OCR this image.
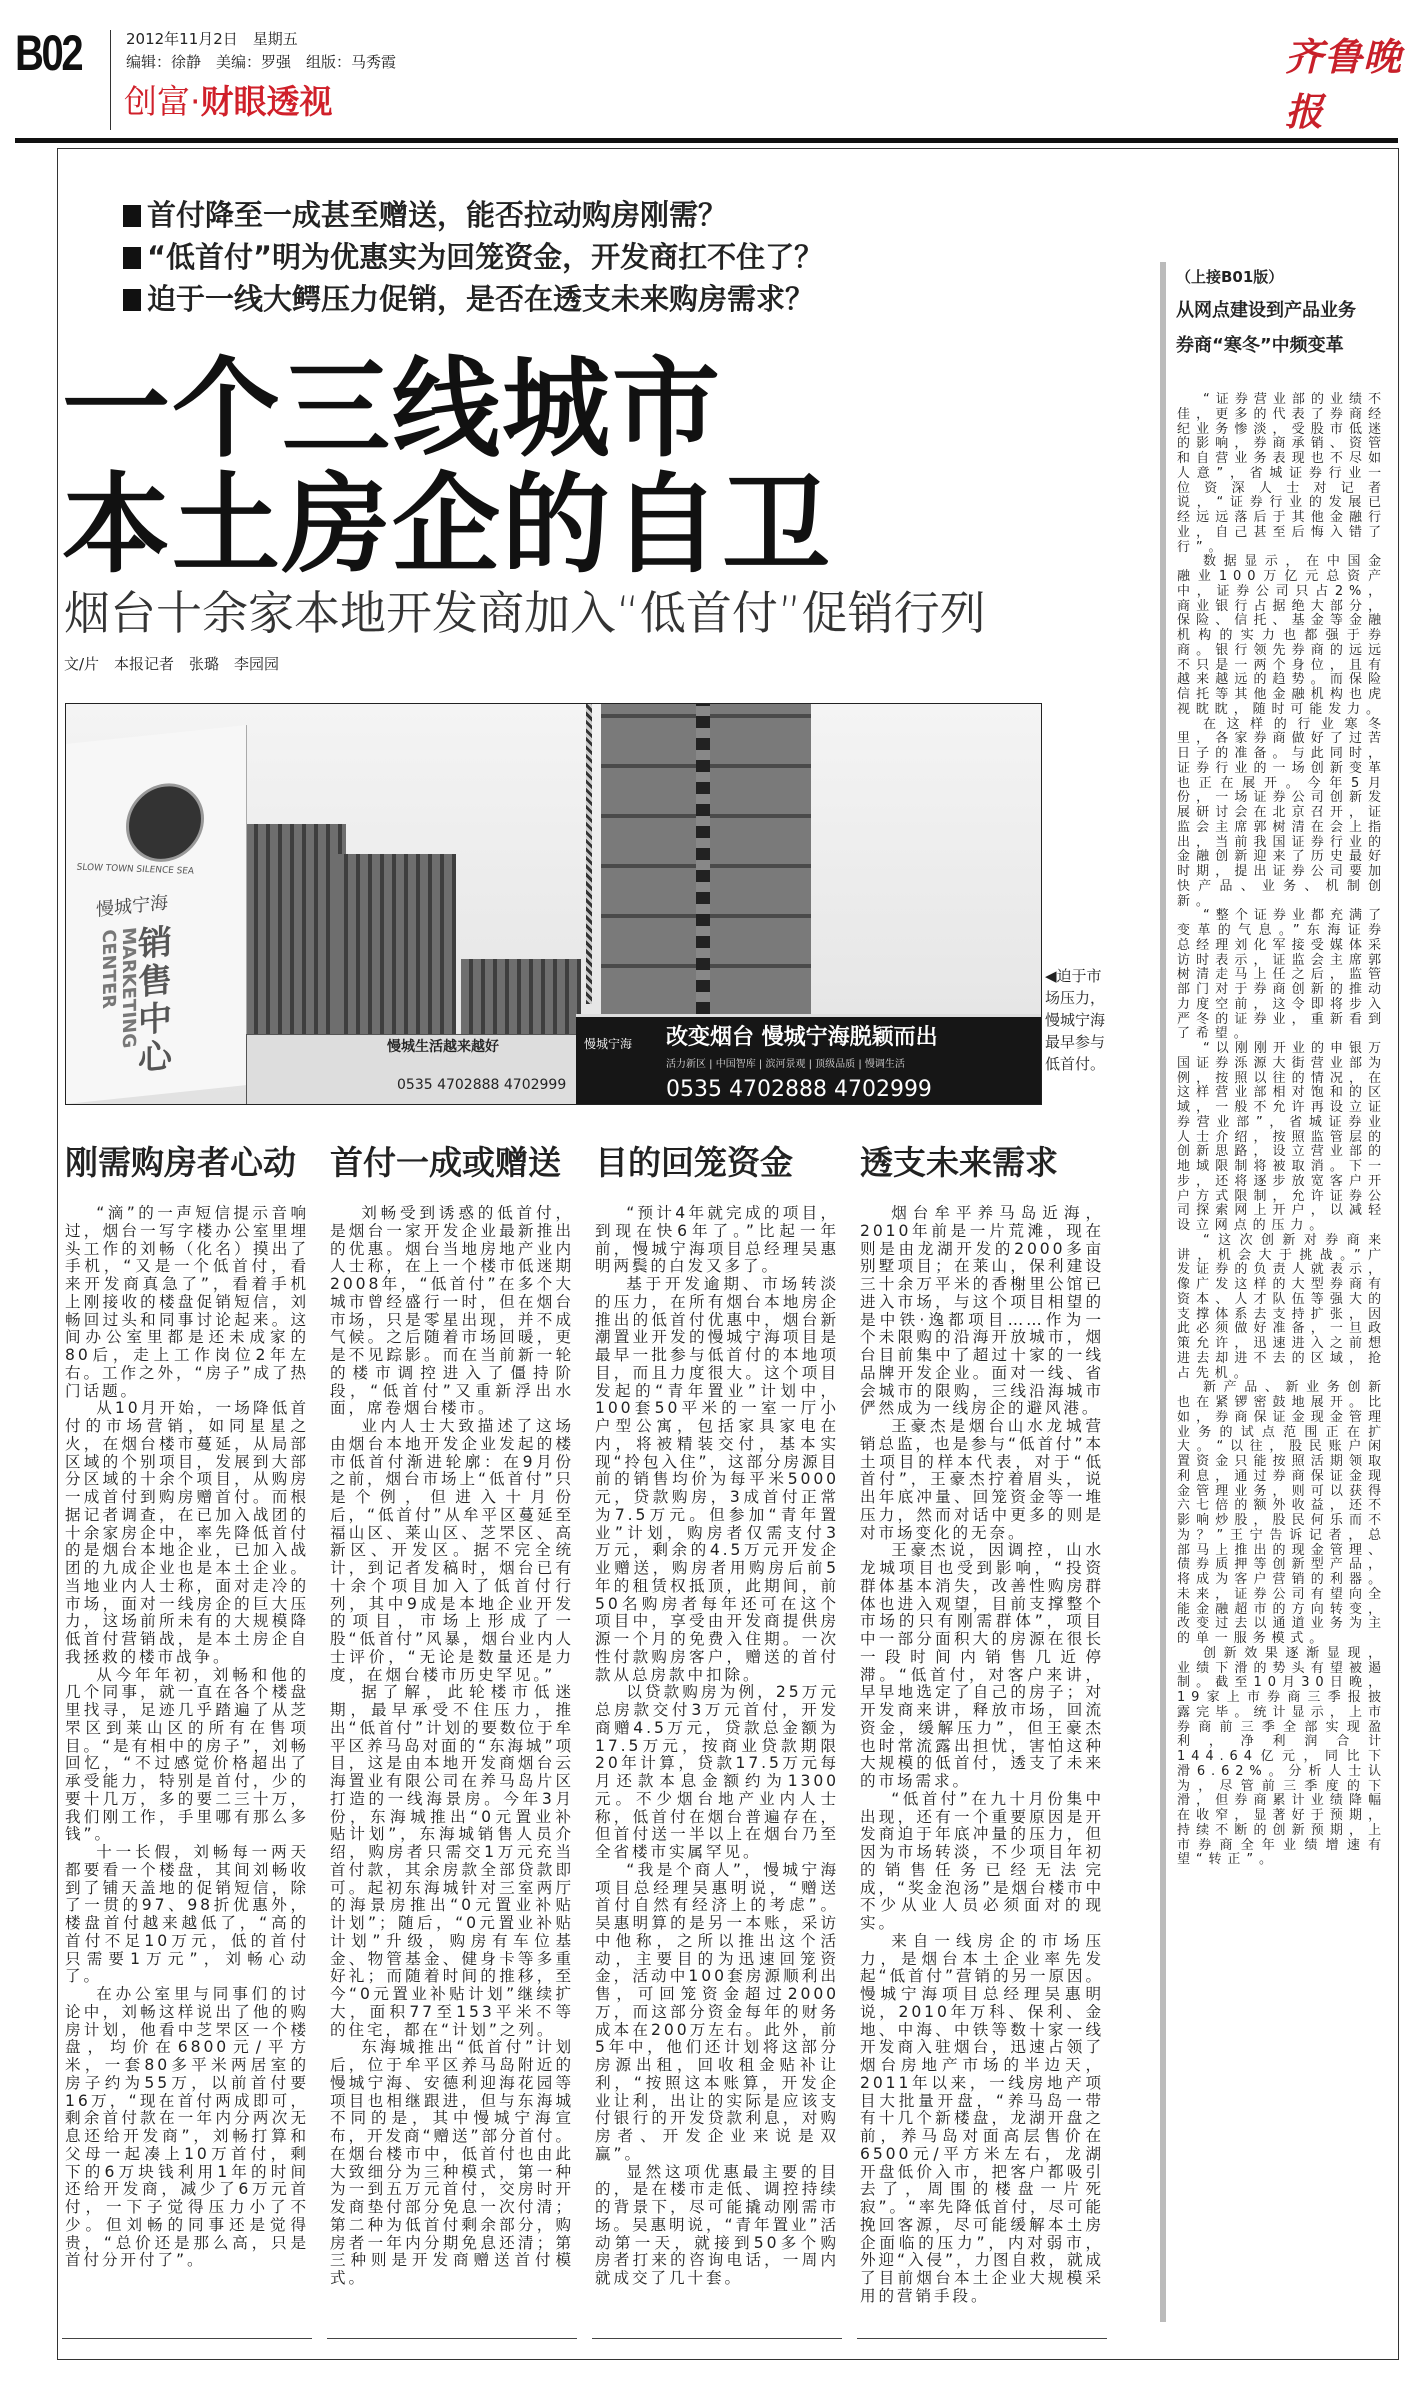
B02	2012年11月2日　星期五
编辑：徐静　美编：罗强　组版：马秀霞
创富·财眼透视
齐鲁晚报
首付降至一成甚至赠送，能否拉动购房刚需？
“低首付”明为优惠实为回笼资金，开发商扛不住了？
迫于一线大鳄压力促销，是否在透支未来购房需求？
一个三线城市
本土房企的自卫
烟台十余家本地开发商加入“低首付”促销行列
文/片　本报记者　张璐　李园园
SLOW TOWN SILENCE SEA
慢城宁海
MARKETING CENTER 销售中心	慢城生活越来越好
0535 4702888 4702999
慢城宁海	改变烟台 慢城宁海脱颖而出
活力新区 | 中国智库 | 滨河景观 | 顶级品质 | 慢调生活
0535 4702888 4702999
◀迫于市场压力，慢城宁海最早参与低首付。
刚需购房者心动 首付一成或赠送 目的回笼资金 透支未来需求

“滴”的一声短信提示音响过，烟台一写字楼办公室里埋头工作的刘畅（化名）摸出了手机，“又是一个低首付，看来开发商真急了”，看着手机上刚接收的楼盘促销短信，刘畅回过头和同事讨论起来。这间办公室里都是还未成家的80后，走上工作岗位2年左右。工作之外，“房子”成了热门话题。

从10月开始，一场降低首付的市场营销，如同星星之火，在烟台楼市蔓延，从局部区域的个别项目，发展到大部分区域的十余个项目，从购房一成首付到购房赠首付。而根据记者调查，在已加入战团的十余家房企中，率先降低首付的是烟台本地企业，已加入战团的九成企业也是本土企业。当地业内人士称，面对走冷的市场，面对一线房企的巨大压力，这场前所未有的大规模降低首付营销战，是本土房企自我拯救的楼市战争。

从今年年初，刘畅和他的几个同事，就一直在各个楼盘里找寻，足迹几乎踏遍了从芝罘区到莱山区的所有在售项目。“是有相中的房子”，刘畅回忆，“不过感觉价格超出了承受能力，特别是首付，少的要十几万，多的要二三十万，我们刚工作，手里哪有那么多钱”。

十一长假，刘畅每一两天都要看一个楼盘，其间刘畅收到了铺天盖地的促销短信，除了一贯的97、98折优惠外，楼盘首付越来越低了，“高的首付不足10万元，低的首付只需要1万元”，刘畅心动了。

在办公室里与同事们的讨论中，刘畅这样说出了他的购房计划，他看中芝罘区一个楼盘，均价在6800元/平方米，一套80多平米两居室的房子约为55万，以前首付要16万，“现在首付两成即可，剩余首付款在一年内分两次无息还给开发商”，刘畅打算和父母一起凑上10万首付，剩下的6万块钱利用1年的时间还给开发商，减少了6万元首付，一下子觉得压力小了不少。但刘畅的同事还是觉得贵，“总价还是那么高，只是首付分开付了”。

刘畅受到诱惑的低首付，是烟台一家开发企业最新推出的优惠。烟台当地房地产业内人士称，在上一个楼市低迷期2008年，“低首付”在多个大城市曾经盛行一时，但在烟台市场，只是零星出现，并不成气候。之后随着市场回暖，更是不见踪影。而在当前新一轮的楼市调控进入了僵持阶段，“低首付”又重新浮出水面，席卷烟台楼市。

业内人士大致描述了这场由烟台本地开发企业发起的楼市低首付渐进轮廓：在9月份之前，烟台市场上“低首付”只是个例，但进入十月份后，“低首付”从牟平区蔓延至福山区、莱山区、芝罘区、高新区、开发区。据不完全统计，到记者发稿时，烟台已有十余个项目加入了低首付行列，其中9成是本地企业开发的项目，市场上形成了一股“低首付”风暴，烟台业内人士评价，“无论是数量还是力度，在烟台楼市历史罕见。”

据了解，此轮楼市低迷期，最早承受不住压力，推出“低首付”计划的要数位于牟平区养马岛对面的“东海城”项目，这是由本地开发商烟台云海置业有限公司在养马岛片区打造的一线海景房。今年3月份，东海城推出“0元置业补贴计划”，东海城销售人员介绍，购房者只需交1万元充当首付款，其余房款全部贷款即可。起初东海城针对三室两厅的海景房推出“0元置业补贴计划”；随后，“0元置业补贴计划”升级，购房有车位基金、物管基金、健身卡等多重好礼；而随着时间的推移，至今“0元置业补贴计划”继续扩大，面积77至153平米不等的住宅，都在“计划”之列。

东海城推出“低首付”计划后，位于牟平区养马岛附近的慢城宁海、安德利迎海花园等项目也相继跟进，但与东海城不同的是，其中慢城宁海宣布，开发商“赠送”部分首付。在烟台楼市中，低首付也由此大致细分为三种模式，第一种为一到五万元首付，交房时开发商垫付部分免息一次付清；第二种为低首付剩余部分，购房者一年内分期免息还清；第三种则是开发商赠送首付模式。

“预计4年就完成的项目，到现在快6年了。”比起一年前，慢城宁海项目总经理吴惠明两鬓的白发又多了。

基于开发逾期、市场转淡的压力，在所有烟台本地房企推出的低首付优惠中，烟台新潮置业开发的慢城宁海项目是最早一批参与低首付的本地项目，而且力度很大。这个项目发起的“青年置业”计划中，100套50平米的一室一厅小户型公寓，包括家具家电在内，将被精装交付，基本实现“拎包入住”，这部分房源目前的销售均价为每平米5000元，贷款购房，3成首付正常为7.5万元。但参加“青年置业”计划，购房者仅需支付3万元，剩余的4.5万元开发企业赠送，购房者用购房后前5年的租赁权抵顶，此期间，前50名购房者每年还可在这个项目中，享受由开发商提供房源一个月的免费入住期。一次性付款购房客户，赠送的首付款从总房款中扣除。

以贷款购房为例，25万元总房款交付3万元首付，开发商赠4.5万元，贷款总金额为17.5万元，按商业贷款期限20年计算，贷款17.5万元每月还款本息金额约为1300元。不少烟台地产业内人士称，低首付在烟台普遍存在，但首付送一半以上在烟台乃至全省楼市实属罕见。

“我是个商人”，慢城宁海项目总经理吴惠明说，“赠送首付自然有经济上的考虑”。吴惠明算的是另一本账，采访中他称，之所以推出这个活动，主要目的为迅速回笼资金，活动中100套房源顺利出售，可回笼资金超过2000万，而这部分资金每年的财务成本在200万左右。此外，前5年中，他们还计划将这部分房源出租，回收租金贴补让利，“按照这本账算，开发企业让利，出让的实际是应该支付银行的开发贷款利息，对购房者、开发企业来说是双赢”。

显然这项优惠最主要的目的，是在楼市走低、调控持续的背景下，尽可能撬动刚需市场。吴惠明说，“青年置业”活动第一天，就接到50多个购房者打来的咨询电话，一周内就成交了几十套。

烟台牟平养马岛近海，2010年前是一片荒滩，现在则是由龙湖开发的2000多亩别墅项目；在莱山，保利建设三十余万平米的香榭里公馆已进入市场，与这个项目相望的是中铁·逸都项目……作为一个未限购的沿海开放城市，烟台目前集中了超过十家的一线品牌开发企业。面对一线、省会城市的限购，三线沿海城市俨然成为一线房企的避风港。

王豪杰是烟台山水龙城营销总监，也是参与“低首付”本土项目的样本代表，对于“低首付”，王豪杰拧着眉头，说出年底冲量、回笼资金等一堆压力，然而对话中更多的则是对市场变化的无奈。

王豪杰说，因调控，山水龙城项目也受到影响，“投资群体基本消失，改善性购房群体也进入观望，目前支撑整个市场的只有刚需群体”，项目中一部分面积大的房源在很长一段时间内销售几近停滞。“低首付，对客户来讲，早早地选定了自己的房子；对开发商来讲，释放市场，回流资金，缓解压力”，但王豪杰也时常流露出担忧，害怕这种大规模的低首付，透支了未来的市场需求。

“低首付”在九十月份集中出现，还有一个重要原因是开发商迫于年底冲量的压力，但因为市场转淡，不少项目年初的销售任务已经无法完成，“奖金泡汤”是烟台楼市中不少从业人员必须面对的现实。

来自一线房企的市场压力，是烟台本土企业率先发起“低首付”营销的另一原因。慢城宁海项目总经理吴惠明说，2010年万科、保利、金地、中海、中铁等数十家一线开发商入驻烟台，迅速占领了烟台房地产市场的半边天，2011年以来，一线房地产项目大批量开盘，“养马岛一带有十几个新楼盘，龙湖开盘之前，养马岛对面高层售价在6500元/平方米左右，龙湖开盘低价入市，把客户都吸引去了，周围的楼盘一片死寂”。“率先降低首付，尽可能挽回客源，尽可能缓解本土房企面临的压力”，内对弱市，外迎“入侵”，力图自救，就成了目前烟台本土企业大规模采用的营销手段。

（上接B01版）
从网点建设到产品业务
券商“寒冬”中频变革

“证券营业部的业绩不佳，更多的代表了券商经纪业务惨淡，受股市低迷的影响，券商承销、资管和自营业务表现也不尽如人意”，省城证券行业一位资深人士对记者说，“证券行业的发展已经远远落后于其他金融行业，自己甚至后悔入错了行”。

数据显示，在中国金融业100万亿元总资产中，证券公司只占2%，商业银行占据绝大部分，保险、信托、基金等金融机构的实力也都强于券商。银行领先券商的远远不只是一两个身位，且有越来越远的趋势。而保险信托等其他金融机构也虎视眈眈，随时可能发力。

在这样的行业寒冬里，各家券商做好了过苦日子的准备。与此同时，证券行业的一场创新变革也正在展开。今年5月份，一场证券公司创新发展研讨会在北京召开，证监会主席郭树清在会上指出，当前我国证券行业的金融创新迎来了历史最好时期，提出证券公司要加快产品、业务、机制创新。

“整个证券业都充满了变革的气息。”东海证券总经理刘化军接受媒体采访时表示，证监会主席郭树清走马上任之后，监管部门对于券商创新的推动力度空前，这令即将步入严冬的证券业，重新看到了希望。

“以刚刚开业的申银万国证券泺源大街营业部为例，按照以往的情况，在这样营业部相对饱和的区域，一般不允许再设立证券营业部”，省城证券业人士介绍，按照监管层的创新思路，设立营业部的地域限制将被取消。下一步，还将逐步放宽客户开户方式限制，允许证券公司探索网上开户，以减轻设立网点的压力。

“这次创新对券商来讲，机会大于挑战。”广发证券的负责人就表示，像广发这样的大型券商有资本、人才队伍等强大的支撑体系去支持扩张，因此必须做好准备，一旦政策允许，迅速进入之前想进去却进不去的区域，抢占先机。

新产品、新业务创新也在紧锣密鼓地展开。比如，券商保证金现金管理业务的试点范围正在扩大。“以往，股民账户闲置资金只能按照活期领取利息，通过券商保证金现金管理业务，则可以获得六七倍的额外收益，还不影响炒股，股民何乐而不为？”王宁告诉记者，总部马上推出的现金管理、债券质押等创新型产品，将成为客户营销的利器。未来，证券公司有望向全能金融超市的方向转变，改变过去以通道业务为主的单一服务模式。

创新效果逐渐显现，业绩下滑的势头有望被遏制。截至10月30日晚，19家上市券商三季报披露完毕。统计显示，上市券商前三季全部实现盈利，净利润合计144.64亿元，同比下滑6.62%。分析人士认为，尽管前三季度的下滑，但券商累计业绩降幅在收窄，显著好于预期，持续不断的创新预期，上市券商全年业绩增速有望“转正”。
